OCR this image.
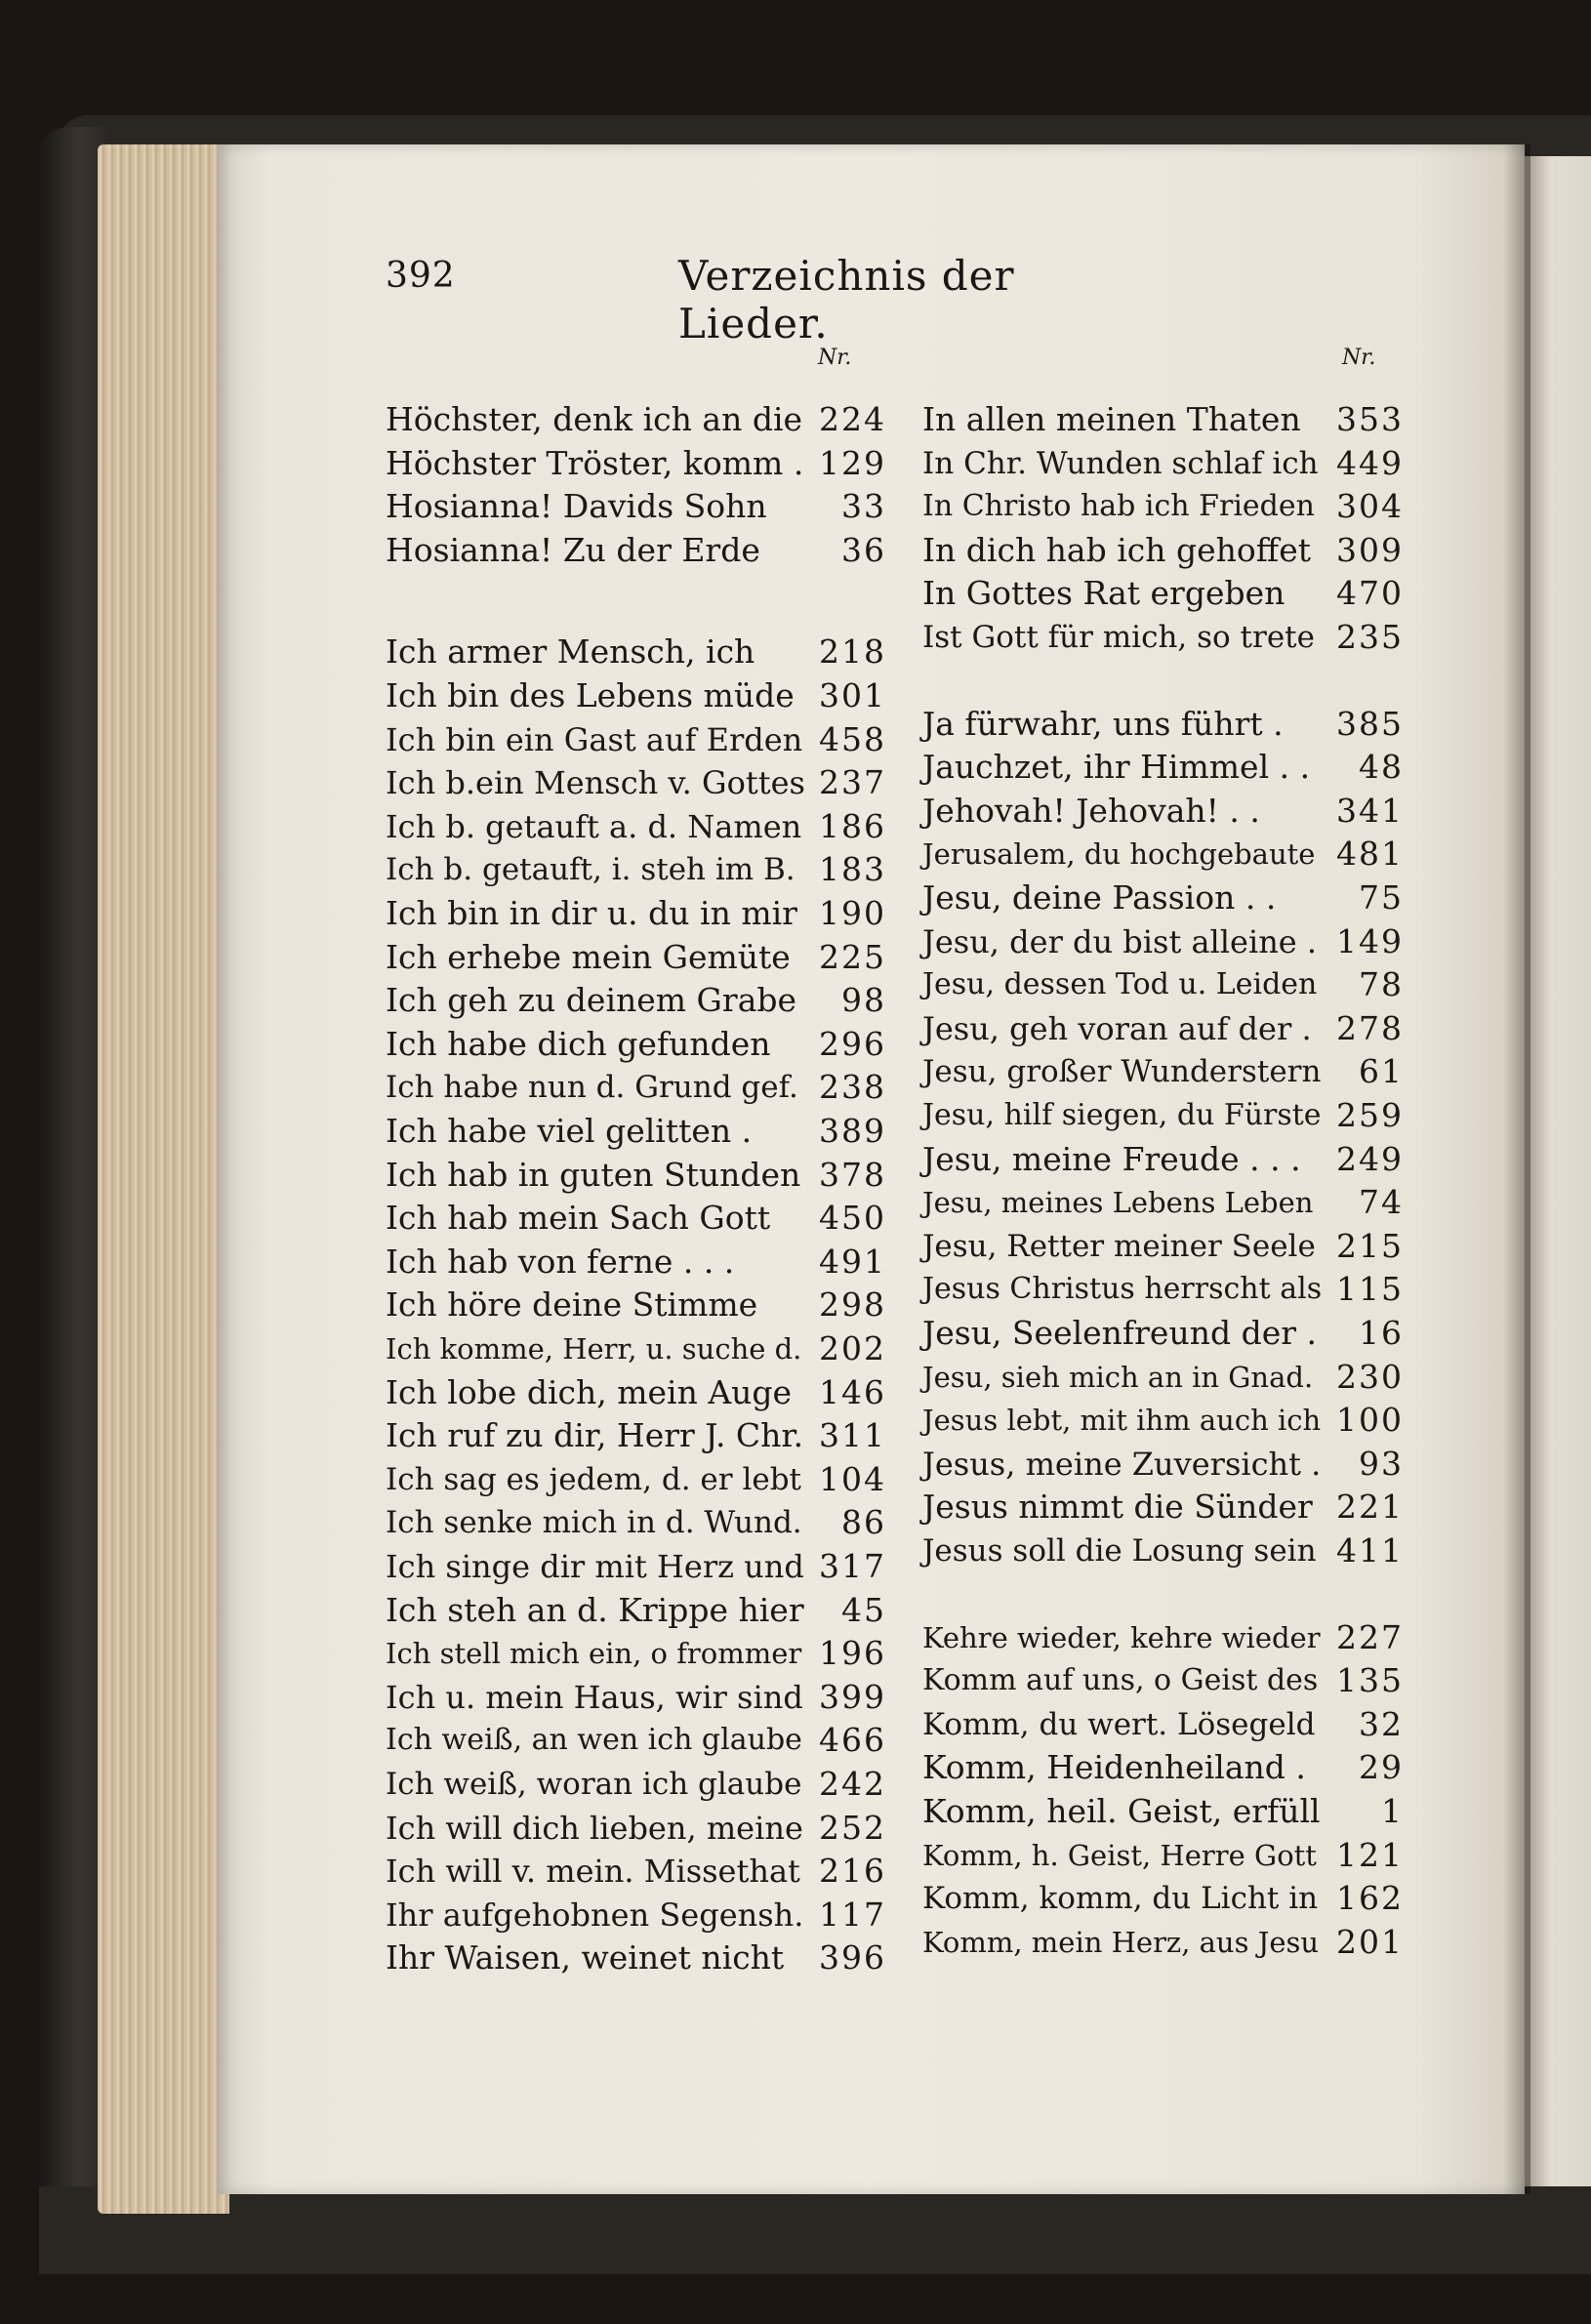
392	Verzeichnis der Lieder.
Nr.
Höchster, denk ich an die 224
Höchster Tröster, komm . 129
Hosianna! Davids Sohn 33
Hosianna! Zu der Erde	36
Ich armer Mensch, ich 218
Ich bin des Lebens müde 301
Ich bin ein Gast auf Erden 458
Ich b.ein Mensch v. Gottes 237
Ich b. getauft a. d. Namen 186
Ich b. getauft, i. steh im B. 183
Ich bin in dir u. du in mir 190
Ich erhebe mein Gemüte 225
Ich geh zu deinem Grabe 98
Ich habe dich gefunden 296
Ich habe nun d. Grund gef. 238
Ich habe viel gelitten . 389
Ich hab in guten Stunden 378
Ich hab mein Sach Gott 450
Ich hab von ferne . . .	491
Ich höre deine Stimme 298
Ich komme, Herr, u. suche d. 202
Ich lobe dich, mein Auge 146
Ich ruf zu dir, Herr J. Chr. 311
Ich sag es jedem, d. er lebt 104
Ich senke mich in d. Wund. 86
Ich singe dir mit Herz und 317
Ich steh an d. Krippe hier 45
Ich stell mich ein, o frommer 196
Ich u. mein Haus, wir sind 399
Ich weiß, an wen ich glaube 466
Ich weiß, woran ich glaube 242
Ich will dich lieben, meine 252
Ich will v. mein. Missethat 216
Ihr aufgehobnen Segensh. 117
Ihr Waisen, weinet nicht 396
Nr.
In allen meinen Thaten 353
In Chr. Wunden schlaf ich 449
In Christo hab ich Frieden 304
In dich hab ich gehoffet 309
In Gottes Rat ergeben 470
Ist Gott für mich, so trete 235
Ja fürwahr, uns führt . 385
Jauchzet, ihr Himmel . . 48
Jehovah! Jehovah! . . 341
Jerusalem, du hochgebaute 481
Jesu, deine Passion . .	75
Jesu, der du bist alleine . 149
Jesu, dessen Tod u. Leiden 78
Jesu, geh voran auf der . 278
Jesu, großer Wunderstern 61
Jesu, hilf siegen, du Fürste 259
Jesu, meine Freude . . . 249
Jesu, meines Lebens Leben 74
Jesu, Retter meiner Seele 215
Jesus Christus herrscht als 115
Jesu, Seelenfreund der . 16
Jesu, sieh mich an in Gnad. 230
Jesus lebt, mit ihm auch ich 100
Jesus, meine Zuversicht . 93
Jesus nimmt die Sünder 221
Jesus soll die Losung sein 411
Kehre wieder, kehre wieder 227
Komm auf uns, o Geist des 135
Komm, du wert. Lösegeld 32
Komm, Heidenheiland . 29
Komm, heil. Geist, erfüll 1
Komm, h. Geist, Herre Gott 121
Komm, komm, du Licht in 162
Komm, mein Herz, aus Jesu 201
